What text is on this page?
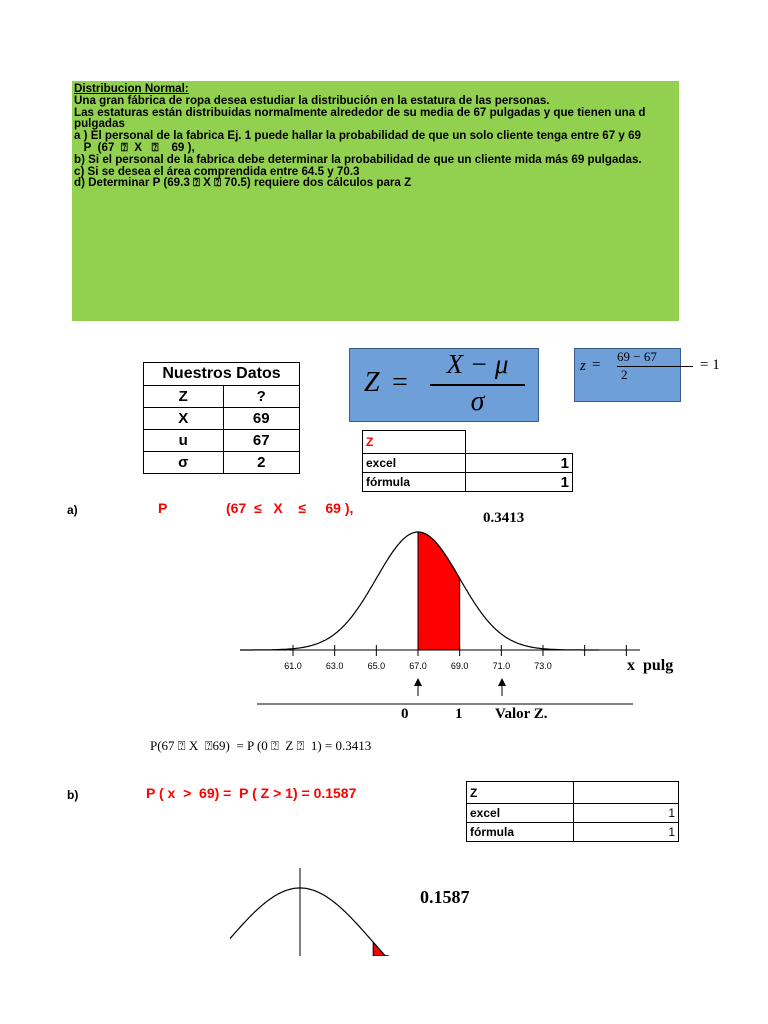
Distribucion Normal:
Una gran fábrica de ropa desea estudiar la distribución en la estatura de las personas.
Las estaturas están distribuidas normalmente alrededor de su media de 67 pulgadas y que tienen una d
pulgadas
a ) El personal de la fabrica Ej. 1 puede hallar la probabilidad de que un solo cliente tenga entre 67 y 69
P  (67  ⍰  X   ⍰    69 ),
b) Si el personal de la fabrica debe determinar la probabilidad de que un cliente mida más 69 pulgadas.
c) Si se desea el área comprendida entre 64.5 y 70.3
d) Determinar P (69.3 ⍰ X ⍰ 70.5) requiere dos cálculos para Z
Nuestros Datos	
Z	?
X	69
u	67
σ	2
Z =
X − μ
σ
z =
69 − 67
2
= 1
Z	
excel	1
fórmula	1
a)	P	(67  ≤   X    ≤     69 ),
0.3413
61.0	63.0	65.0	67.0	69.0	71.0	73.0	x  pulg
0	1 Valor Z.
P(67 ⍰ X  ⍰69)  = P (0 ⍰  Z ⍰  1) = 0.3413
b)	P ( x  >  69) =  P ( Z > 1) = 0.1587	Z	
excel	1
fórmula	1
0.1587
